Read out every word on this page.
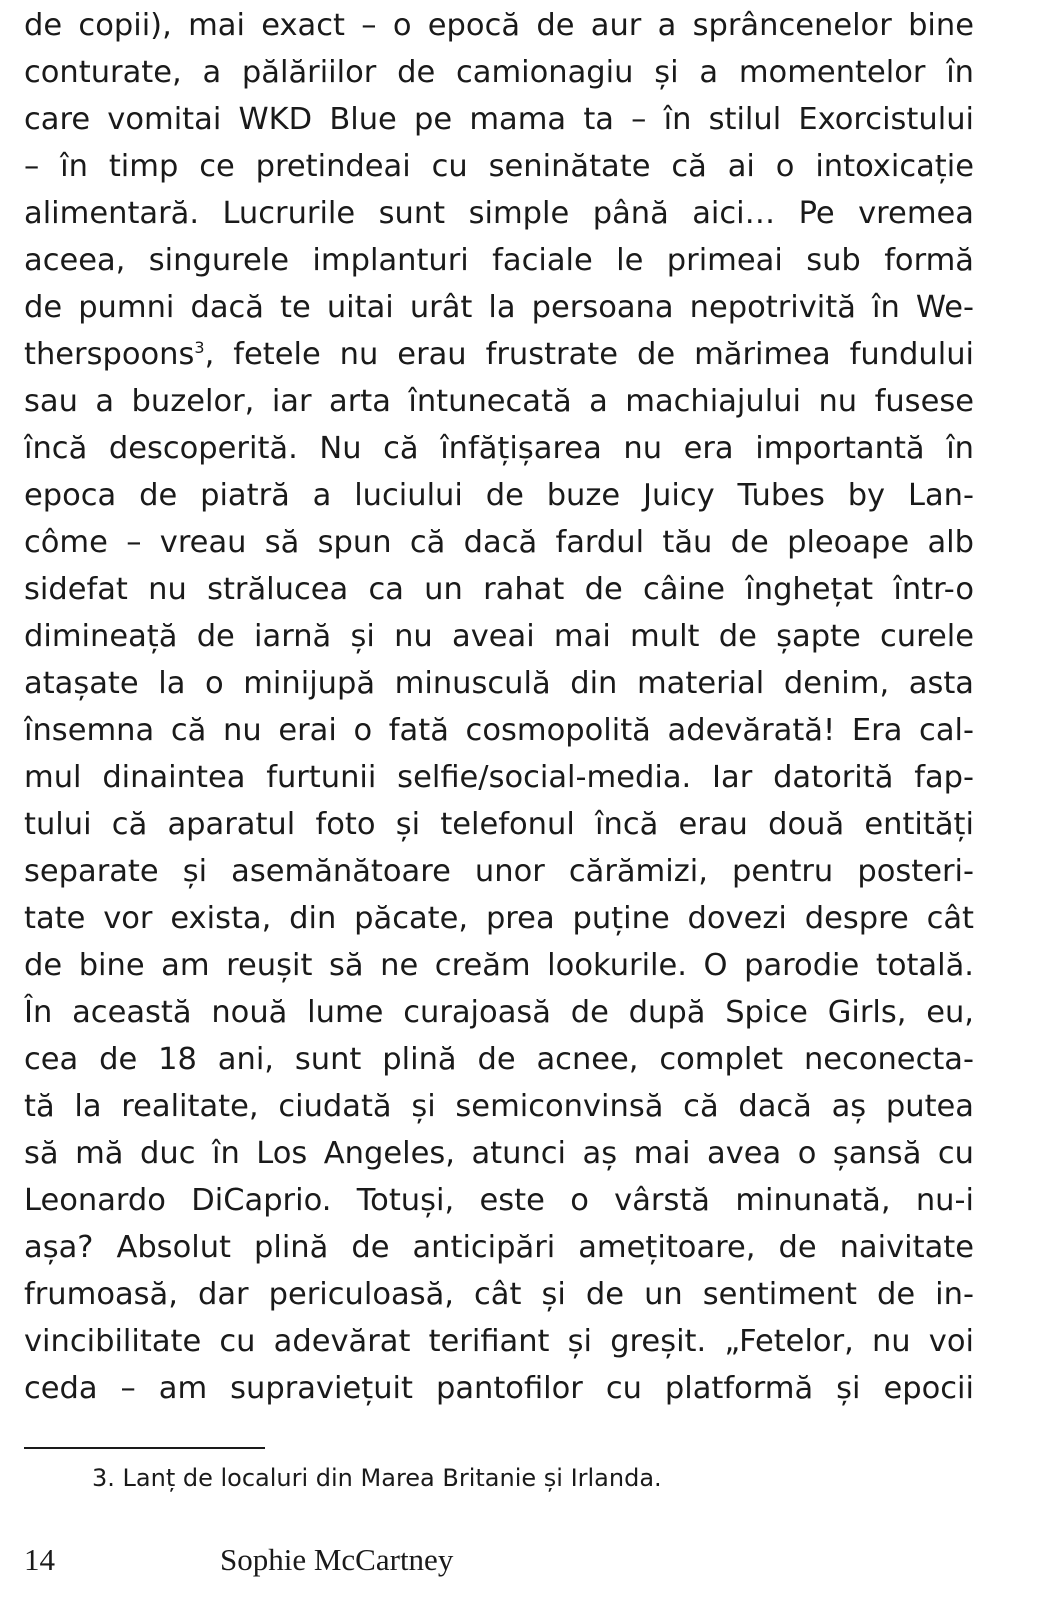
de copii), mai exact – o epocă de aur a sprâncenelor bine
conturate, a pălăriilor de camionagiu și a momentelor în
care vomitai WKD Blue pe mama ta – în stilul Exorcistului
– în timp ce pretindeai cu seninătate că ai o intoxicație
alimentară. Lucrurile sunt simple până aici… Pe vremea
aceea, singurele implanturi faciale le primeai sub formă
de pumni dacă te uitai urât la persoana nepotrivită în We-
therspoons$^3$, fetele nu erau frustrate de mărimea fundului
sau a buzelor, iar arta întunecată a machiajului nu fusese
încă descoperită. Nu că înfățișarea nu era importantă în
epoca de piatră a luciului de buze Juicy Tubes by Lan-
côme – vreau să spun că dacă fardul tău de pleoape alb
sidefat nu strălucea ca un rahat de câine înghețat într-o
dimineață de iarnă și nu aveai mai mult de șapte curele
atașate la o minijupă minusculă din material denim, asta
însemna că nu erai o fată cosmopolită adevărată! Era cal-
mul dinaintea furtunii selfie/social-media. Iar datorită fap-
tului că aparatul foto și telefonul încă erau două entități
separate și asemănătoare unor cărămizi, pentru posteri-
tate vor exista, din păcate, prea puține dovezi despre cât
de bine am reușit să ne creăm lookurile. O parodie totală.
În această nouă lume curajoasă de după Spice Girls, eu,
cea de 18 ani, sunt plină de acnee, complet neconecta-
tă la realitate, ciudată și semiconvinsă că dacă aș putea
să mă duc în Los Angeles, atunci aș mai avea o șansă cu
Leonardo DiCaprio. Totuși, este o vârstă minunată, nu-i
așa? Absolut plină de anticipări amețitoare, de naivitate
frumoasă, dar periculoasă, cât și de un sentiment de in-
vincibilitate cu adevărat terifiant și greșit. „Fetelor, nu voi
ceda – am supraviețuit pantofilor cu platformă și epocii
3. Lanț de localuri din Marea Britanie și Irlanda.
14	Sophie McCartney
